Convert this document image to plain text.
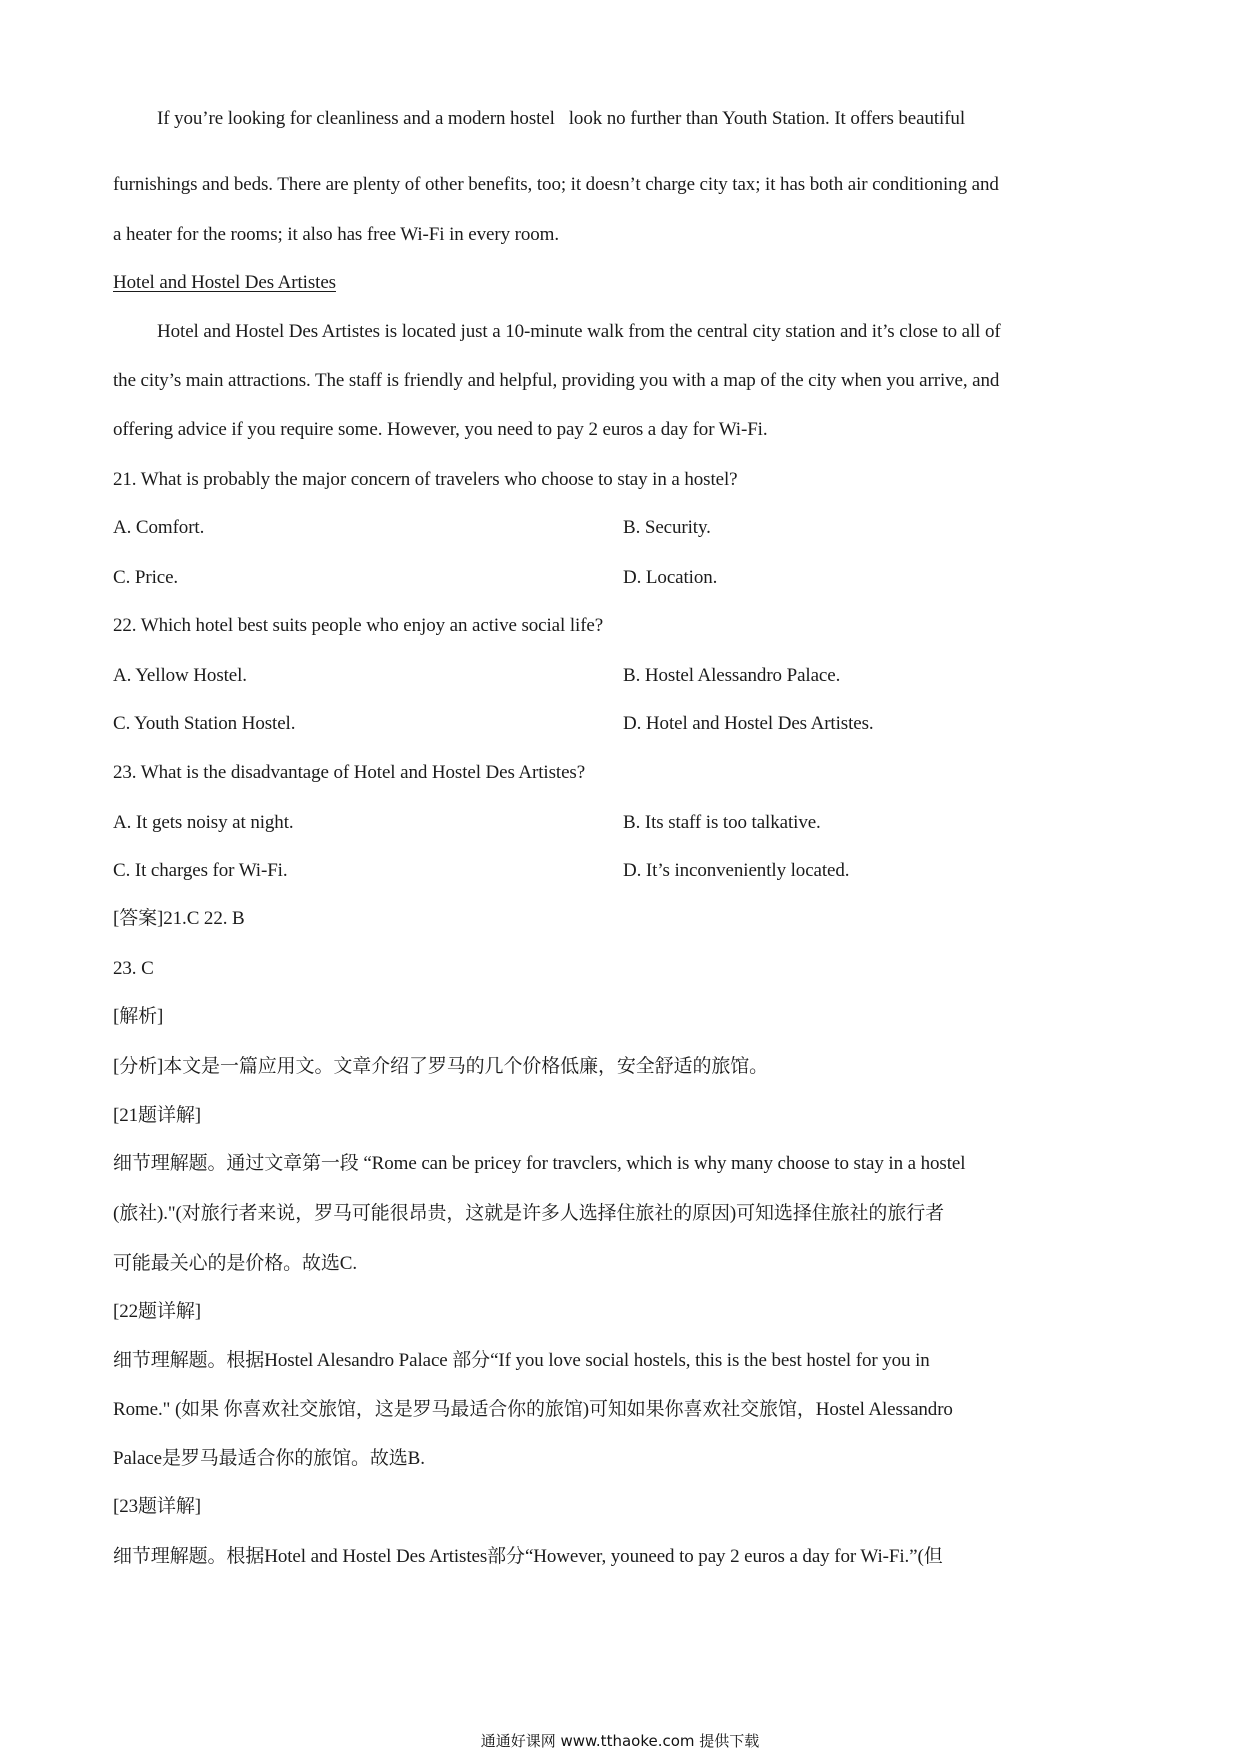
If you’re looking for cleanliness and a modern hostel   look no further than Youth Station. It offers beautiful
furnishings and beds. There are plenty of other benefits, too; it doesn’t charge city tax; it has both air conditioning and
a heater for the rooms; it also has free Wi-Fi in every room.
Hotel and Hostel Des Artistes
Hotel and Hostel Des Artistes is located just a 10-minute walk from the central city station and it’s close to all of
the city’s main attractions. The staff is friendly and helpful, providing you with a map of the city when you arrive, and
offering advice if you require some. However, you need to pay 2 euros a day for Wi-Fi.
21. What is probably the major concern of travelers who choose to stay in a hostel?
A. Comfort.	B. Security.
C. Price.	D. Location.
22. Which hotel best suits people who enjoy an active social life?
A. Yellow Hostel.	B. Hostel Alessandro Palace.
C. Youth Station Hostel.	D. Hotel and Hostel Des Artistes.
23. What is the disadvantage of Hotel and Hostel Des Artistes?
A. It gets noisy at night.	B. Its staff is too talkative.
C. It charges for Wi-Fi.	D. It’s inconveniently located.
[答案]21.C 22. B
23. C
[解析]
[分析]本文是一篇应用文。文章介绍了罗马的几个价格低廉，安全舒适的旅馆。
[21题详解]
细节理解题。通过文章第一段 “Rome can be pricey for travclers, which is why many choose to stay in a hostel
(旅社)."(对旅行者来说，罗马可能很昂贵，这就是许多人选择住旅社的原因)可知选择住旅社的旅行者
可能最关心的是价格。故选C.
[22题详解]
细节理解题。根据Hostel Alesandro Palace 部分“If you love social hostels, this is the best hostel for you in
Rome." (如果 你喜欢社交旅馆，这是罗马最适合你的旅馆)可知如果你喜欢社交旅馆，Hostel Alessandro
Palace是罗马最适合你的旅馆。故选B.
[23题详解]
细节理解题。根据Hotel and Hostel Des Artistes部分“However, youneed to pay 2 euros a day for Wi-Fi.”(但
通通好课网 www.tthaoke.com 提供下载
